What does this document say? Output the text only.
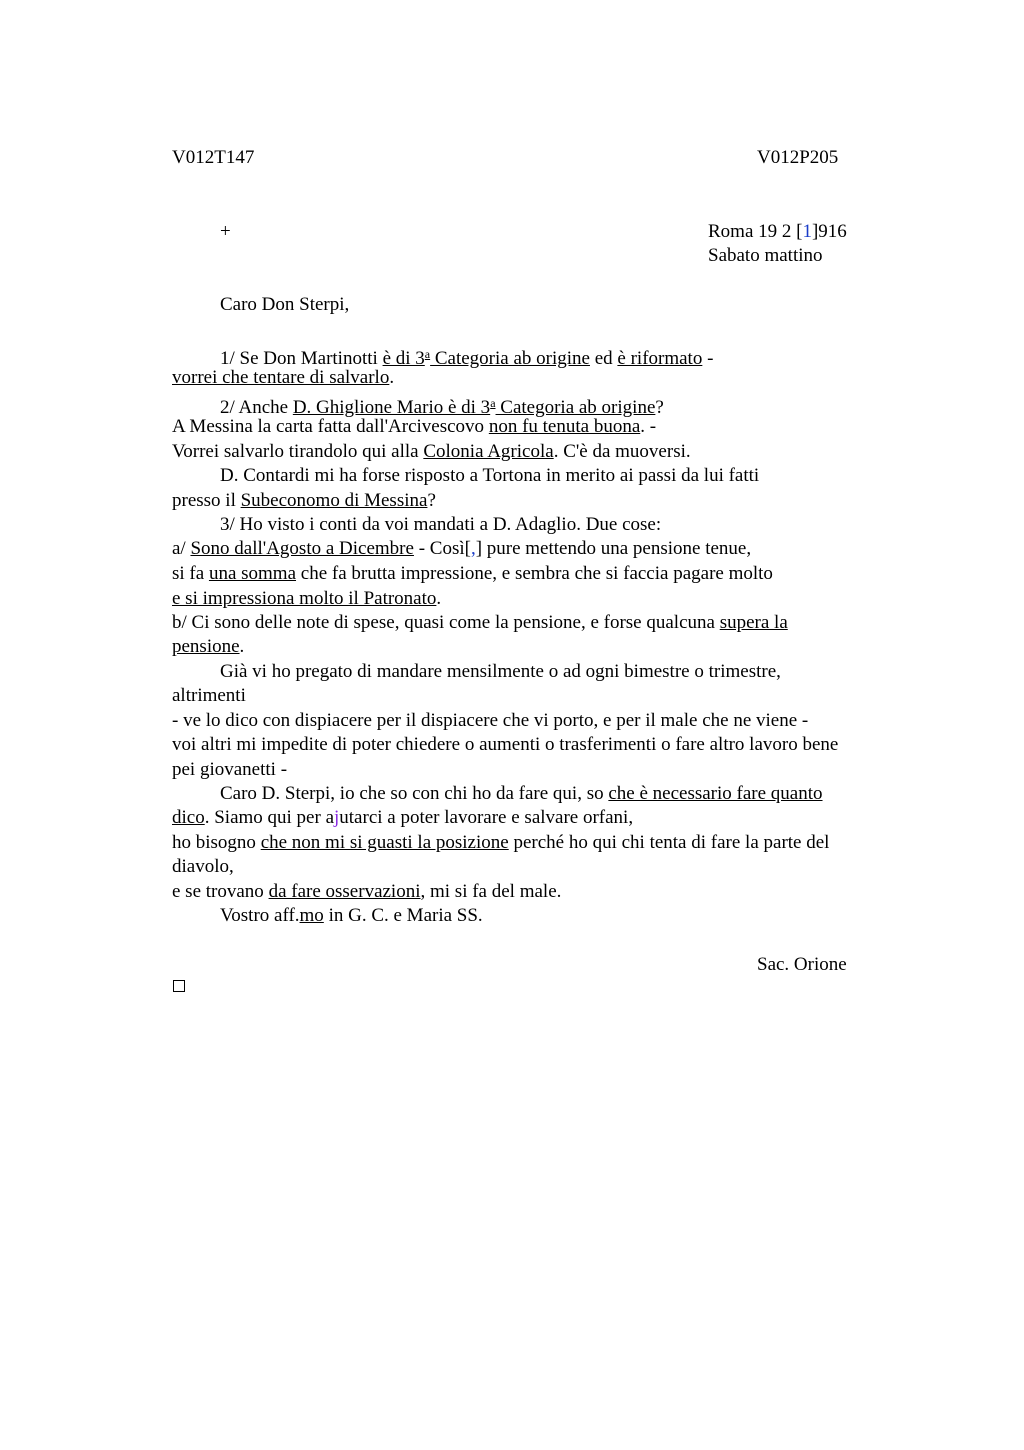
V012T147	V012P205
+	Roma 19 2 [1]916
Sabato mattino
Caro Don Sterpi,
1/ Se Don Martinotti è di 3$^a$ Categoria ab origine ed è riformato -
vorrei che tentare di salvarlo.
2/ Anche D. Ghiglione Mario è di 3$^a$ Categoria ab origine?
A Messina la carta fatta dall'Arcivescovo non fu tenuta buona. -
Vorrei salvarlo tirandolo qui alla Colonia Agricola. C'è da muoversi.
D. Contardi mi ha forse risposto a Tortona in merito ai passi da lui fatti
presso il Subeconomo di Messina?
3/ Ho visto i conti da voi mandati a D. Adaglio. Due cose:
a/ Sono dall'Agosto a Dicembre - Così[,] pure mettendo una pensione tenue,
si fa una somma che fa brutta impressione, e sembra che si faccia pagare molto
e si impressiona molto il Patronato.
b/ Ci sono delle note di spese, quasi come la pensione, e forse qualcuna supera la
pensione.
Già vi ho pregato di mandare mensilmente o ad ogni bimestre o trimestre,
altrimenti
- ve lo dico con dispiacere per il dispiacere che vi porto, e per il male che ne viene -
voi altri mi impedite di poter chiedere o aumenti o trasferimenti o fare altro lavoro bene
pei giovanetti -
Caro D. Sterpi, io che so con chi ho da fare qui, so che è necessario fare quanto
dico. Siamo qui per ajutarci a poter lavorare e salvare orfani,
ho bisogno che non mi si guasti la posizione perché ho qui chi tenta di fare la parte del
diavolo,
e se trovano da fare osservazioni, mi si fa del male.
Vostro aff.mo in G. C. e Maria SS.
Sac. Orione
